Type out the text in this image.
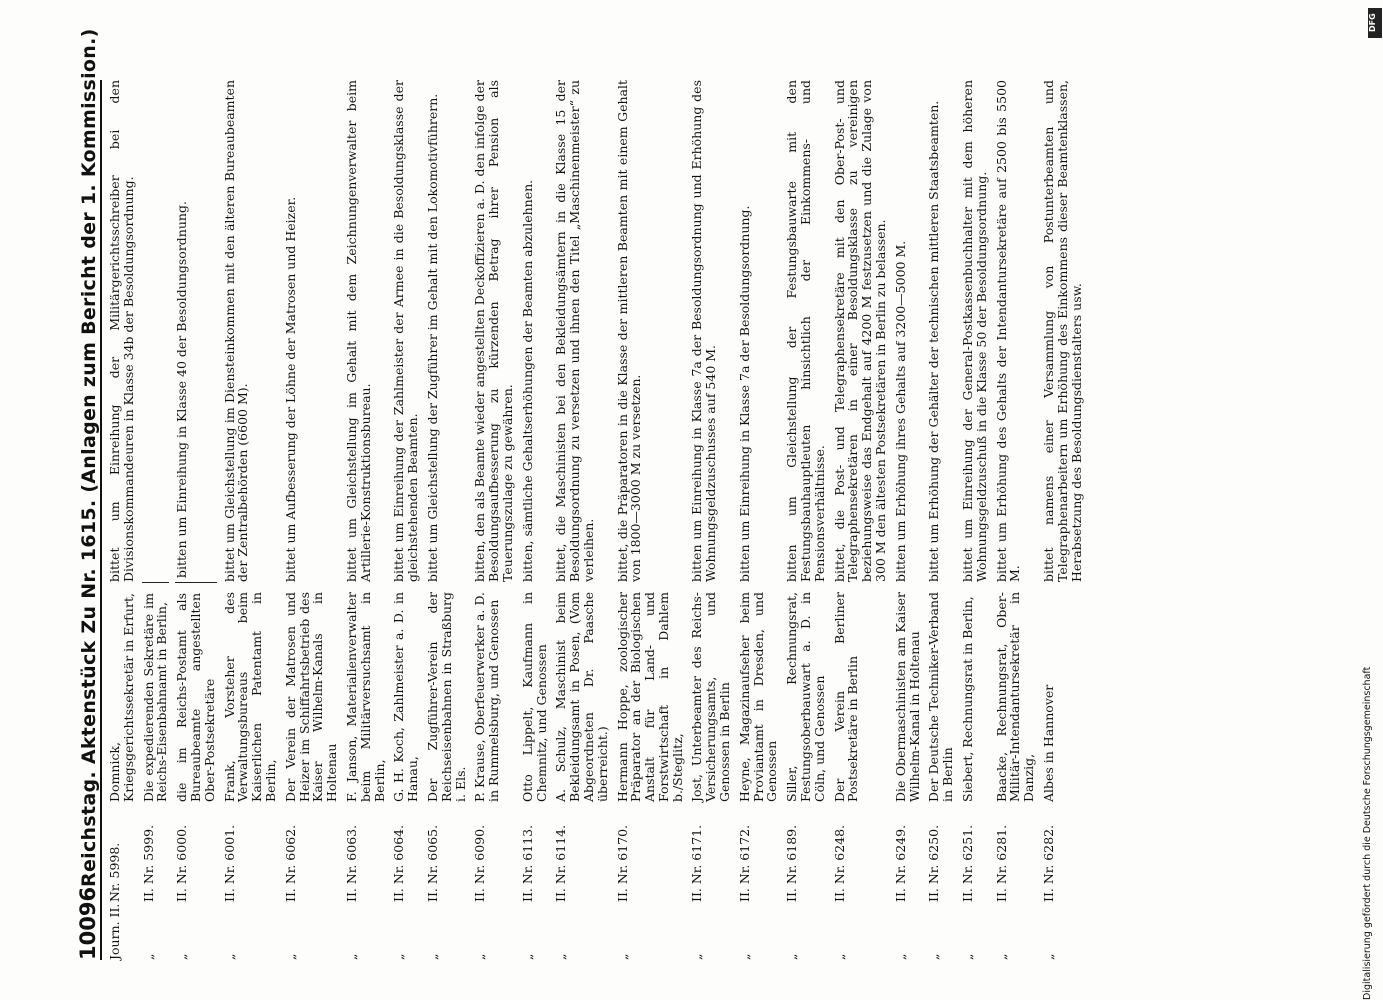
10096
Reichstag. Aktenstück Zu Nr. 1615. (Anlagen zum Bericht der 1. Kommission.)
Journ. II.
Nr. 5998.
Domnick, Kriegsgerichtssekretär in Erfurt,
bittet um Einreihung der Militärgerichtsschreiber bei den Divisionskommandeuren in Klasse 34b der Besoldungsordnung.
„
II. Nr. 5999.
Die expedierenden Sekretäre im Reichs-Eisenbahnamt in Berlin,
„
II. Nr. 6000.
die im Reichs-Postamt als Bureaubeamte angestellten Ober-Postsekretäre
bitten um Einreihung in Klasse 40 der Besoldungsordnung.
„
II. Nr. 6001.
Frank, Vorsteher des Verwaltungsbureaus beim Kaiserlichen Patentamt in Berlin,
bittet um Gleichstellung im Diensteinkommen mit den älteren Bureaubeamten der Zentralbehörden (6600 M).
„
II. Nr. 6062.
Der Verein der Matrosen und Heizer im Schiffahrtsbetrieb des Kaiser Wilhelm-Kanals in Holtenau
bittet um Aufbesserung der Löhne der Matrosen und Heizer.
„
II. Nr. 6063.
F. Janson, Materialienverwalter beim Militärversuchsamt in Berlin,
bittet um Gleichstellung im Gehalt mit dem Zeichnungenverwalter beim Artillerie-Konstruktionsbureau.
„
II. Nr. 6064.
G. H. Koch, Zahlmeister a. D. in Hanau,
bittet um Einreihung der Zahlmeister der Armee in die Besoldungsklasse der gleichstehenden Beamten.
„
II. Nr. 6065.
Der Zugführer-Verein der Reichseisenbahnen in Straßburg i. Els.
bittet um Gleichstellung der Zugführer im Gehalt mit den Lokomotivführern.
„
II. Nr. 6090.
P. Krause, Oberfeuerwerker a. D. in Rummelsburg, und Genossen
bitten, den als Beamte wieder angestellten Deckoffizieren a. D. den infolge der Besoldungsaufbesserung zu kürzenden Betrag ihrer Pension als Teuerungszulage zu gewähren.
„
II. Nr. 6113.
Otto Lippelt, Kaufmann in Chemnitz, und Genossen
bitten, sämtliche Gehaltserhöhungen der Beamten abzulehnen.
„
II. Nr. 6114.
A. Schulz, Maschinist beim Bekleidungsamt in Posen, (Vom Abgeordneten Dr. Paasche überreicht.)
bittet, die Maschinisten bei den Bekleidungsämtern in die Klasse 15 der Besoldungsordnung zu versetzen und ihnen den Titel „Maschinenmeister“ zu verleihen.
„
II. Nr. 6170.
Hermann Hoppe, zoologischer Präparator an der Biologischen Anstalt für Land- und Forstwirtschaft in Dahlem b./Steglitz,
bittet, die Präparatoren in die Klasse der mittleren Beamten mit einem Gehalt von 1800—3000 M zu versetzen.
„
II. Nr. 6171.
Jost, Unterbeamter des Reichs-Versicherungsamts, und Genossen in Berlin
bitten um Einreihung in Klasse 7a der Besoldungsordnung und Erhöhung des Wohnungsgeldzuschusses auf 540 M.
„
II. Nr. 6172.
Heyne, Magazinaufseher beim Proviantamt in Dresden, und Genossen
bitten um Einreihung in Klasse 7a der Besoldungsordnung.
„
II. Nr. 6189.
Siller, Rechnungsrat, Festungsoberbauwart a. D. in Cöln, und Genossen
bitten um Gleichstellung der Festungsbauwarte mit den Festungsbauhauptleuten hinsichtlich der Einkommens- und Pensionsverhältnisse.
„
II. Nr. 6248.
Der Verein Berliner Postsekretäre in Berlin
bittet, die Post- und Telegraphensekretäre mit den Ober-Post- und Telegraphensekretären in einer Besoldungsklasse zu vereinigen beziehungsweise das Endgehalt auf 4200 M festzusetzen und die Zulage von 300 M den ältesten Postsekretären in Berlin zu belassen.
„
II. Nr. 6249.
Die Obermaschinisten am Kaiser Wilhelm-Kanal in Holtenau
bitten um Erhöhung ihres Gehalts auf 3200—5000 M.
„
II. Nr. 6250.
Der Deutsche Techniker-Verband in Berlin
bittet um Erhöhung der Gehälter der technischen mittleren Staatsbeamten.
„
II. Nr. 6251.
Siebert, Rechnungsrat in Berlin,
bittet um Einreihung der General-Postkassenbuchhalter mit dem höheren Wohnungsgeldzuschuß in die Klasse 50 der Besoldungsordnung.
„
II. Nr. 6281.
Baacke, Rechnungsrat, Ober-Militär-Intendantursekretär in Danzig,
bittet um Erhöhung des Gehalts der Intendantursekretäre auf 2500 bis 5500 M.
„
II. Nr. 6282.
Albes in Hannover
bittet namens einer Versammlung von Postunterbeamten und Telegraphenarbeitern um Erhöhung des Einkommens dieser Beamtenklassen, Herabsetzung des Besoldungsdienstalters usw.
DFG
Digitalisierung gefördert durch die Deutsche Forschungsgemeinschaft
